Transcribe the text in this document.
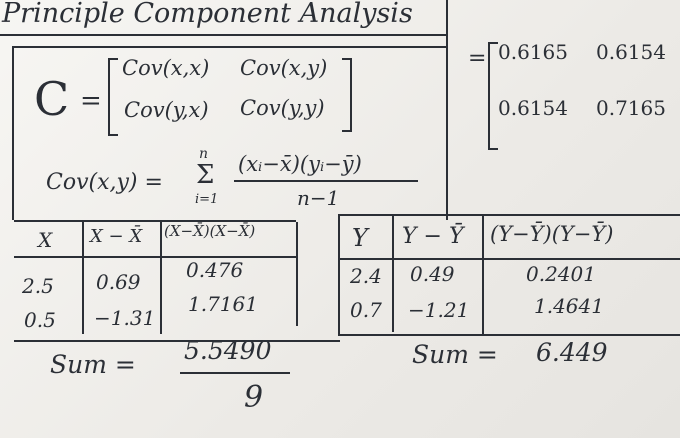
Principle Component Analysis
C =
Cov(x,x) Cov(x,y)
Cov(y,x) Cov(y,y)
Cov(x,y) =
n
Σ
i=1
(xᵢ−x̄)(yᵢ−ȳ)
n−1
= 0.6165 0.6154
0.6154 0.7165
X X − X̄ (X−X̄)(X−X̄)
2.5 0.69 0.476
0.5 −1.31
1.7161
Y Y − Ȳ (Y−Ȳ)(Y−Ȳ)
2.4 0.49	0.2401
0.7 −1.21	1.4641
Sum = 5.5490
9
Sum = 6.449
